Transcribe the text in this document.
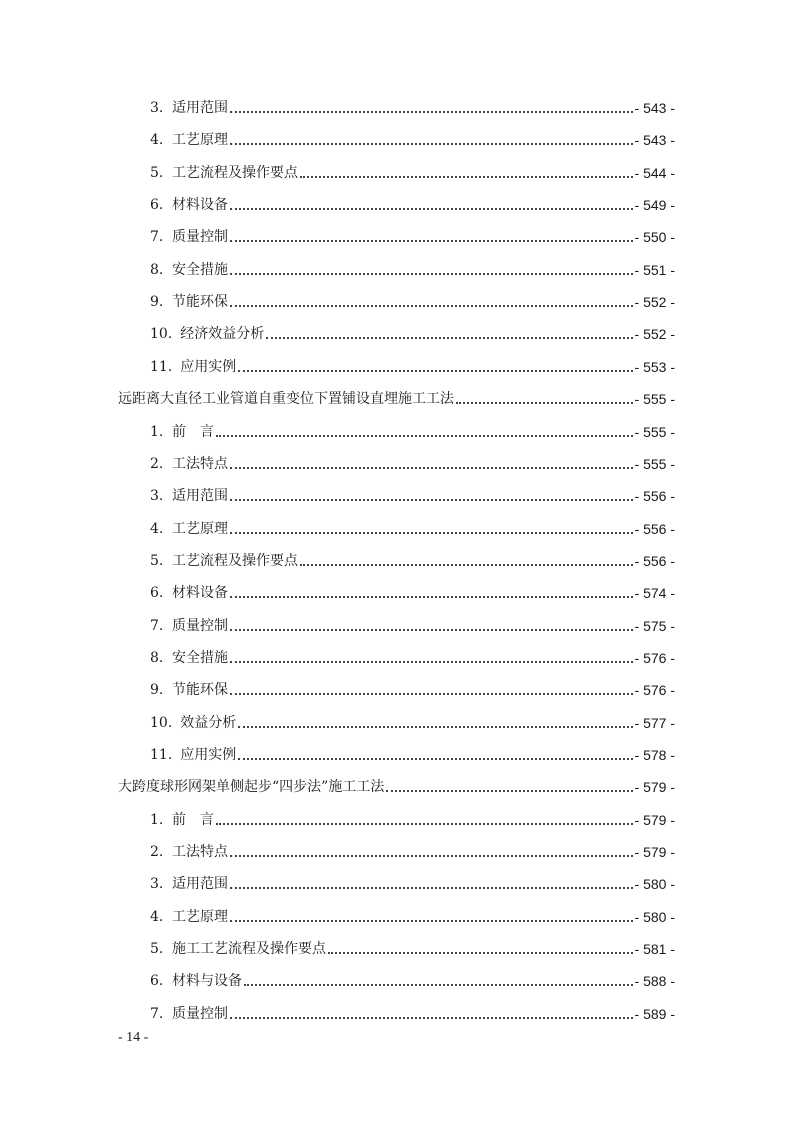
3. 适用范围	- 543 -
4. 工艺原理	- 543 -
5. 工艺流程及操作要点	- 544 -
6. 材料设备	- 549 -
7. 质量控制	- 550 -
8. 安全措施	- 551 -
9. 节能环保	- 552 -
10. 经济效益分析	- 552 -
11. 应用实例	- 553 -
远距离大直径工业管道自重变位下置铺设直埋施工工法	- 555 -
1. 前　言	- 555 -
2. 工法特点	- 555 -
3. 适用范围	- 556 -
4. 工艺原理	- 556 -
5. 工艺流程及操作要点	- 556 -
6. 材料设备	- 574 -
7. 质量控制	- 575 -
8. 安全措施	- 576 -
9. 节能环保	- 576 -
10. 效益分析	- 577 -
11. 应用实例	- 578 -
大跨度球形网架单侧起步“四步法”施工工法	- 579 -
1. 前　言	- 579 -
2. 工法特点	- 579 -
3. 适用范围	- 580 -
4. 工艺原理	- 580 -
5. 施工工艺流程及操作要点	- 581 -
6. 材料与设备	- 588 -
7. 质量控制	- 589 -
- 14 -
